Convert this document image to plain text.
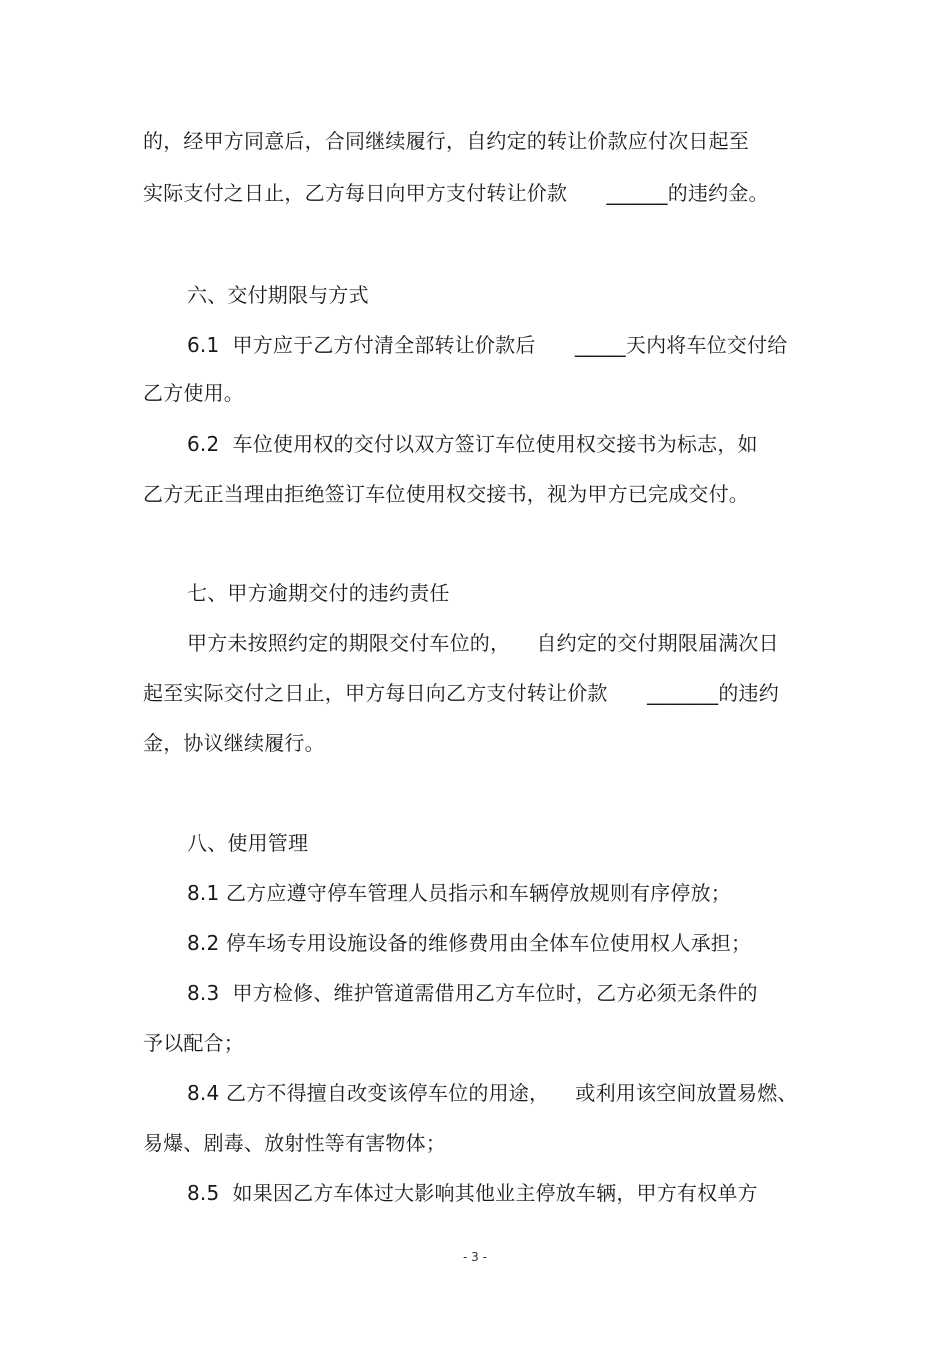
的，经甲方同意后，合同继续履行，自约定的转让价款应付次日起至
实际支付之日止，乙方每日向甲方支付转让价款      ______的违约金。
六、交付期限与方式
6.1  甲方应于乙方付清全部转让价款后      _____天内将车位交付给
乙方使用。
6.2  车位使用权的交付以双方签订车位使用权交接书为标志，如
乙方无正当理由拒绝签订车位使用权交接书，视为甲方已完成交付。
七、甲方逾期交付的违约责任
甲方未按照约定的期限交付车位的，    自约定的交付期限届满次日
起至实际交付之日止，甲方每日向乙方支付转让价款      _______的违约
金，协议继续履行。
八、使用管理
8.1 乙方应遵守停车管理人员指示和车辆停放规则有序停放；
8.2 停车场专用设施设备的维修费用由全体车位使用权人承担；
8.3  甲方检修、维护管道需借用乙方车位时，乙方必须无条件的
予以配合；
8.4 乙方不得擅自改变该停车位的用途，    或利用该空间放置易燃、
易爆、剧毒、放射性等有害物体；
8.5  如果因乙方车体过大影响其他业主停放车辆，甲方有权单方
- 3 -
